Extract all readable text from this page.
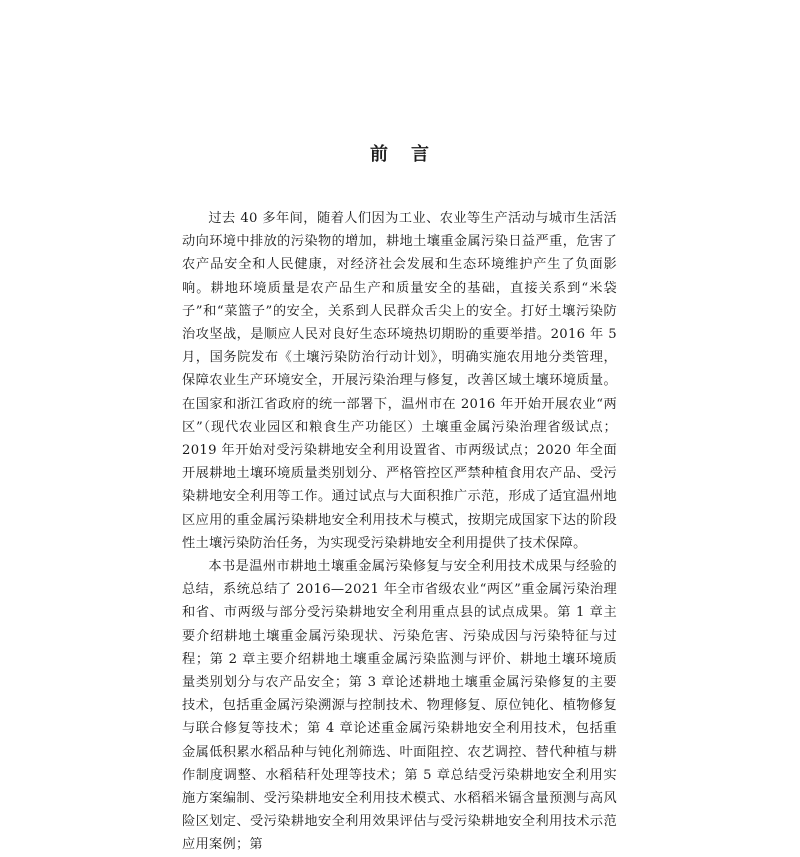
前 言

过去 40 多年间，随着人们因为工业、农业等生产活动与城市生活活动向环境中排放的污染物的增加，耕地土壤重金属污染日益严重，危害了农产品安全和人民健康，对经济社会发展和生态环境维护产生了负面影响。耕地环境质量是农产品生产和质量安全的基础，直接关系到“米袋子”和“菜篮子”的安全，关系到人民群众舌尖上的安全。打好土壤污染防治攻坚战，是顺应人民对良好生态环境热切期盼的重要举措。2016 年 5 月，国务院发布《土壤污染防治行动计划》，明确实施农用地分类管理，保障农业生产环境安全，开展污染治理与修复，改善区域土壤环境质量。在国家和浙江省政府的统一部署下，温州市在 2016 年开始开展农业“两区”（现代农业园区和粮食生产功能区）土壤重金属污染治理省级试点；2019 年开始对受污染耕地安全利用设置省、市两级试点；2020 年全面开展耕地土壤环境质量类别划分、严格管控区严禁种植食用农产品、受污染耕地安全利用等工作。通过试点与大面积推广示范，形成了适宜温州地区应用的重金属污染耕地安全利用技术与模式，按期完成国家下达的阶段性土壤污染防治任务，为实现受污染耕地安全利用提供了技术保障。

本书是温州市耕地土壤重金属污染修复与安全利用技术成果与经验的总结，系统总结了 2016—2021 年全市省级农业“两区”重金属污染治理和省、市两级与部分受污染耕地安全利用重点县的试点成果。第 1 章主要介绍耕地土壤重金属污染现状、污染危害、污染成因与污染特征与过程；第 2 章主要介绍耕地土壤重金属污染监测与评价、耕地土壤环境质量类别划分与农产品安全；第 3 章论述耕地土壤重金属污染修复的主要技术，包括重金属污染溯源与控制技术、物理修复、原位钝化、植物修复与联合修复等技术；第 4 章论述重金属污染耕地安全利用技术，包括重金属低积累水稻品种与钝化剂筛选、叶面阻控、农艺调控、替代种植与耕作制度调整、水稻秸秆处理等技术；第 5 章总结受污染耕地安全利用实施方案编制、受污染耕地安全利用技术模式、水稻稻米镉含量预测与高风险区划定、受污染耕地安全利用效果评估与受污染耕地安全利用技术示范应用案例；第
